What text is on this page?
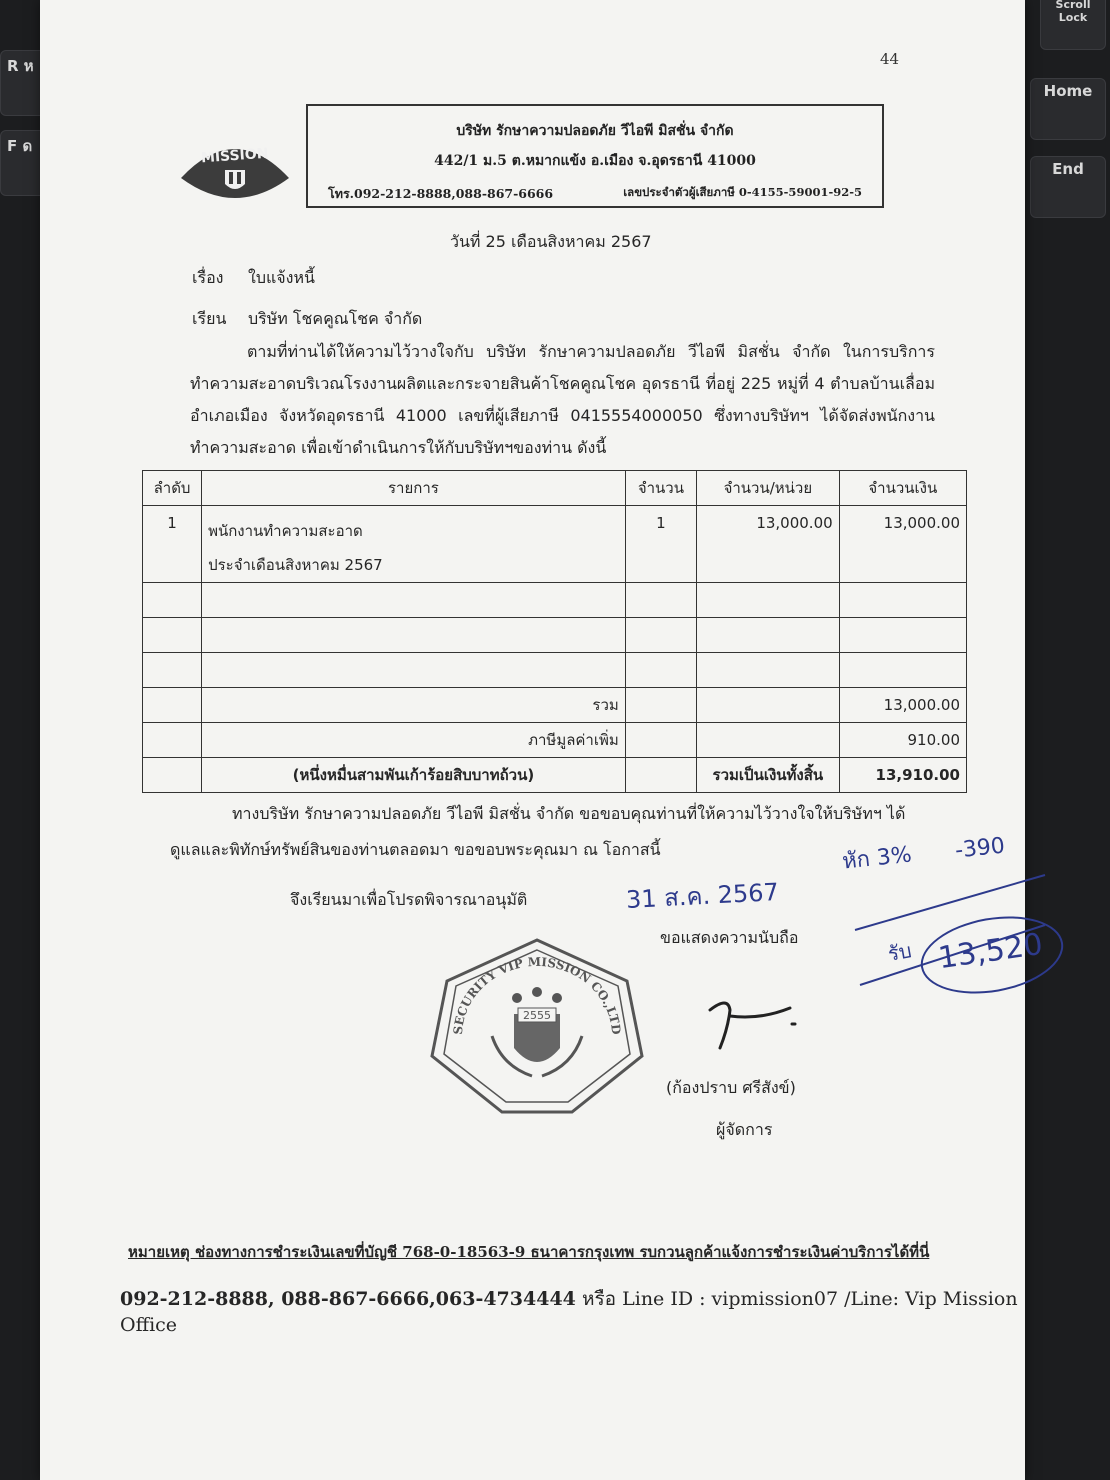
R ห
F ด
Scroll Lock
Home
End
44
MISSION
บริษัท รักษาความปลอดภัย วีไอพี มิสชั่น จำกัด
442/1 ม.5 ต.หมากแข้ง อ.เมือง จ.อุดรธานี 41000
โทร.092-212-8888,088-867-6666	เลขประจำตัวผู้เสียภาษี 0-4155-59001-92-5
วันที่ 25 เดือนสิงหาคม 2567
เรื่อง ใบแจ้งหนี้
เรียน บริษัท โชคคูณโชค จำกัด
ตามที่ท่านได้ให้ความไว้วางใจกับ บริษัท รักษาความปลอดภัย วีไอพี มิสชั่น จำกัด ในการบริการทำความสะอาดบริเวณโรงงานผลิตและกระจายสินค้าโชคคูณโชค อุดรธานี ที่อยู่ 225 หมู่ที่ 4 ตำบลบ้านเลื่อม อำเภอเมือง จังหวัดอุดรธานี 41000 เลขที่ผู้เสียภาษี 0415554000050 ซึ่งทางบริษัทฯ ได้จัดส่งพนักงานทำความสะอาด เพื่อเข้าดำเนินการให้กับบริษัทฯของท่าน ดังนี้
ลำดับ	รายการ	จำนวน	จำนวน/หน่วย	จำนวนเงิน
1	พนักงานทำความสะอาด
ประจำเดือนสิงหาคม 2567	1	13,000.00	13,000.00

	รวม			13,000.00
	ภาษีมูลค่าเพิ่ม			910.00
	(หนึ่งหมื่นสามพันเก้าร้อยสิบบาทถ้วน)		รวมเป็นเงินทั้งสิ้น	13,910.00
ทางบริษัท รักษาความปลอดภัย วีไอพี มิสชั่น จำกัด ขอขอบคุณท่านที่ให้ความไว้วางใจให้บริษัทฯ ได้ดูแลและพิทักษ์ทรัพย์สินของท่านตลอดมา ขอขอบพระคุณมา ณ โอกาสนี้
จึงเรียนมาเพื่อโปรดพิจารณาอนุมัติ
ขอแสดงความนับถือ
SECURITY VIP MISSION CO.,LTD
2555
(ก้องปราบ ศรีสังข์)
ผู้จัดการ
31 ส.ค. 2567
หัก 3% -390
รับ 13,520
หมายเหตุ ช่องทางการชำระเงินเลขที่บัญชี 768-0-18563-9 ธนาคารกรุงเทพ รบกวนลูกค้าแจ้งการชำระเงินค่าบริการได้ที่นี่
092-212-8888, 088-867-6666,063-4734444 หรือ Line ID : vipmission07 /Line: Vip Mission Office
